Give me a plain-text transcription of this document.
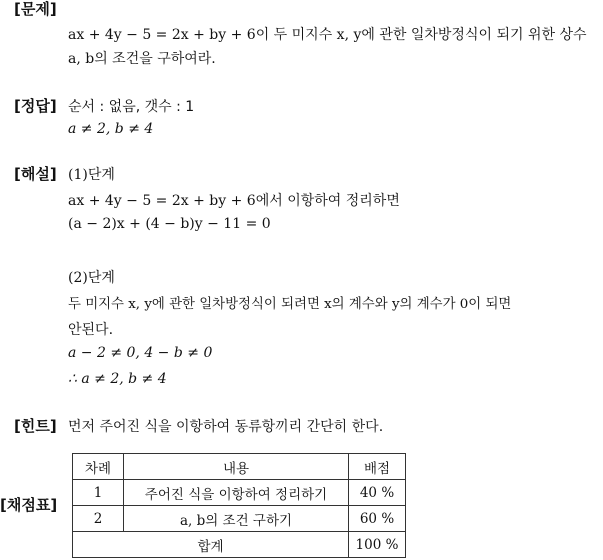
[문제]
ax + 4y − 5 = 2x + by + 6이 두 미지수 x, y에 관한 일차방정식이 되기 위한 상수
a, b의 조건을 구하여라.
[정답] 순서 : 없음, 갯수 : 1
a ≠ 2, b ≠ 4
[해설] (1)단계
ax + 4y − 5 = 2x + by + 6에서 이항하여 정리하면
(a − 2)x + (4 − b)y − 11 = 0
(2)단계
두 미지수 x, y에 관한 일차방정식이 되려면 x의 계수와 y의 계수가 0이 되면
안된다.
a − 2 ≠ 0, 4 − b ≠ 0
∴ a ≠ 2, b ≠ 4
[힌트] 먼저 주어진 식을 이항하여 동류항끼리 간단히 한다.
[채점표]
차례	내용	배점
1	주어진 식을 이항하여 정리하기	40 %
2	a, b의 조건 구하기	60 %
합계		100 %
